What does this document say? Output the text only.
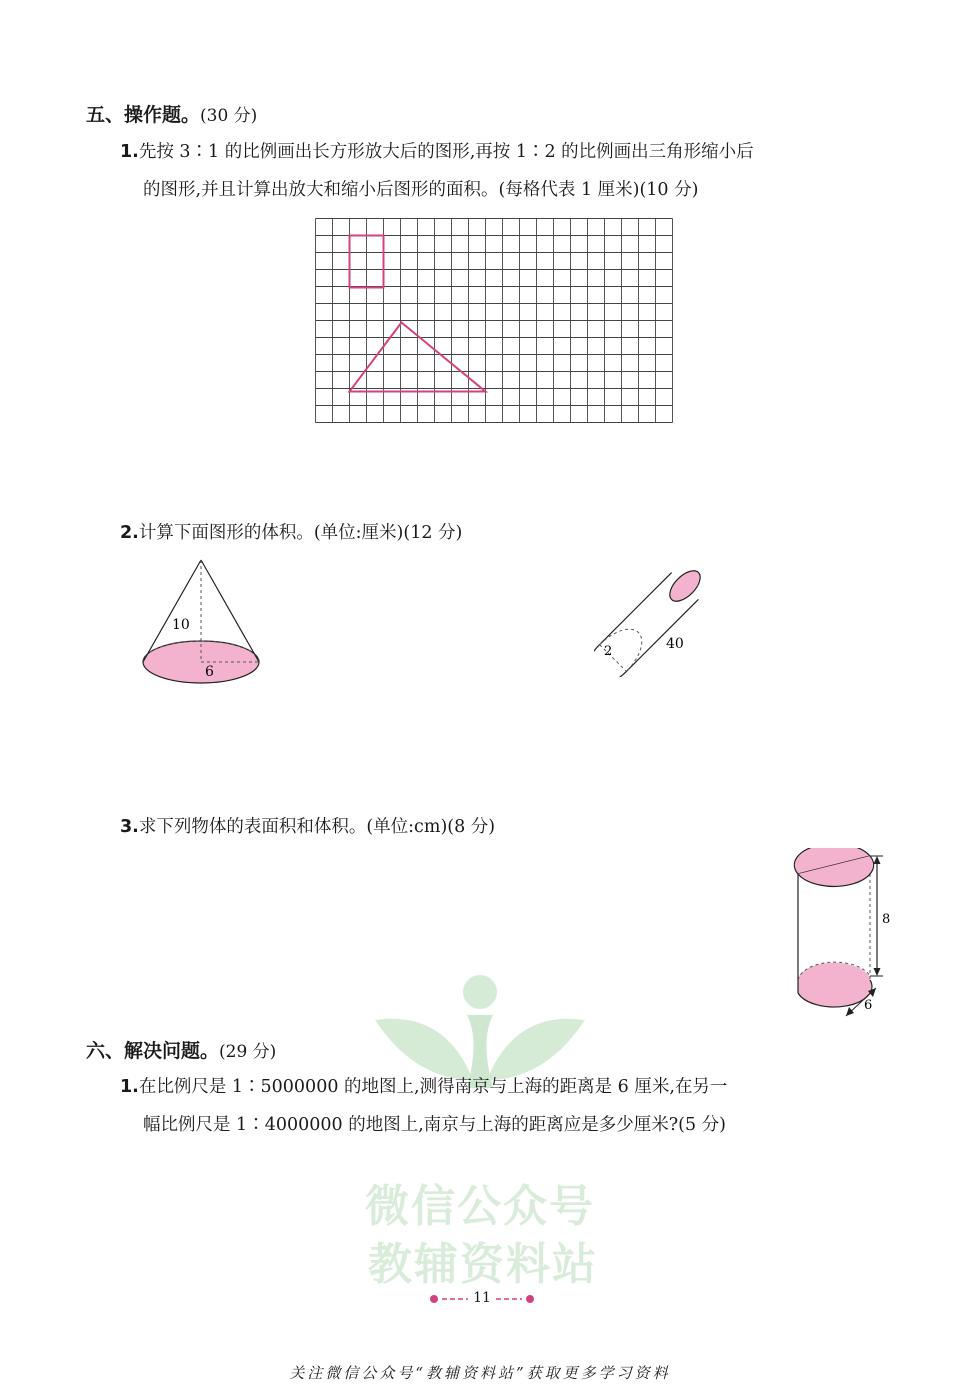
五、操作题。(30 分)
1.先按 3∶1 的比例画出长方形放大后的图形,再按 1∶2 的比例画出三角形缩小后
的图形,并且计算出放大和缩小后图形的面积。(每格代表 1 厘米)(10 分)
2.计算下面图形的体积。(单位:厘米)(12 分)
10
6
2	40
3.求下列物体的表面积和体积。(单位:cm)(8 分)
8
6
微信公众号
教辅资料站
六、解决问题。(29 分)
1.在比例尺是 1∶5000000 的地图上,测得南京与上海的距离是 6 厘米,在另一
幅比例尺是 1∶4000000 的地图上,南京与上海的距离应是多少厘米?(5 分)
11
关注微信公众号“教辅资料站”获取更多学习资料
